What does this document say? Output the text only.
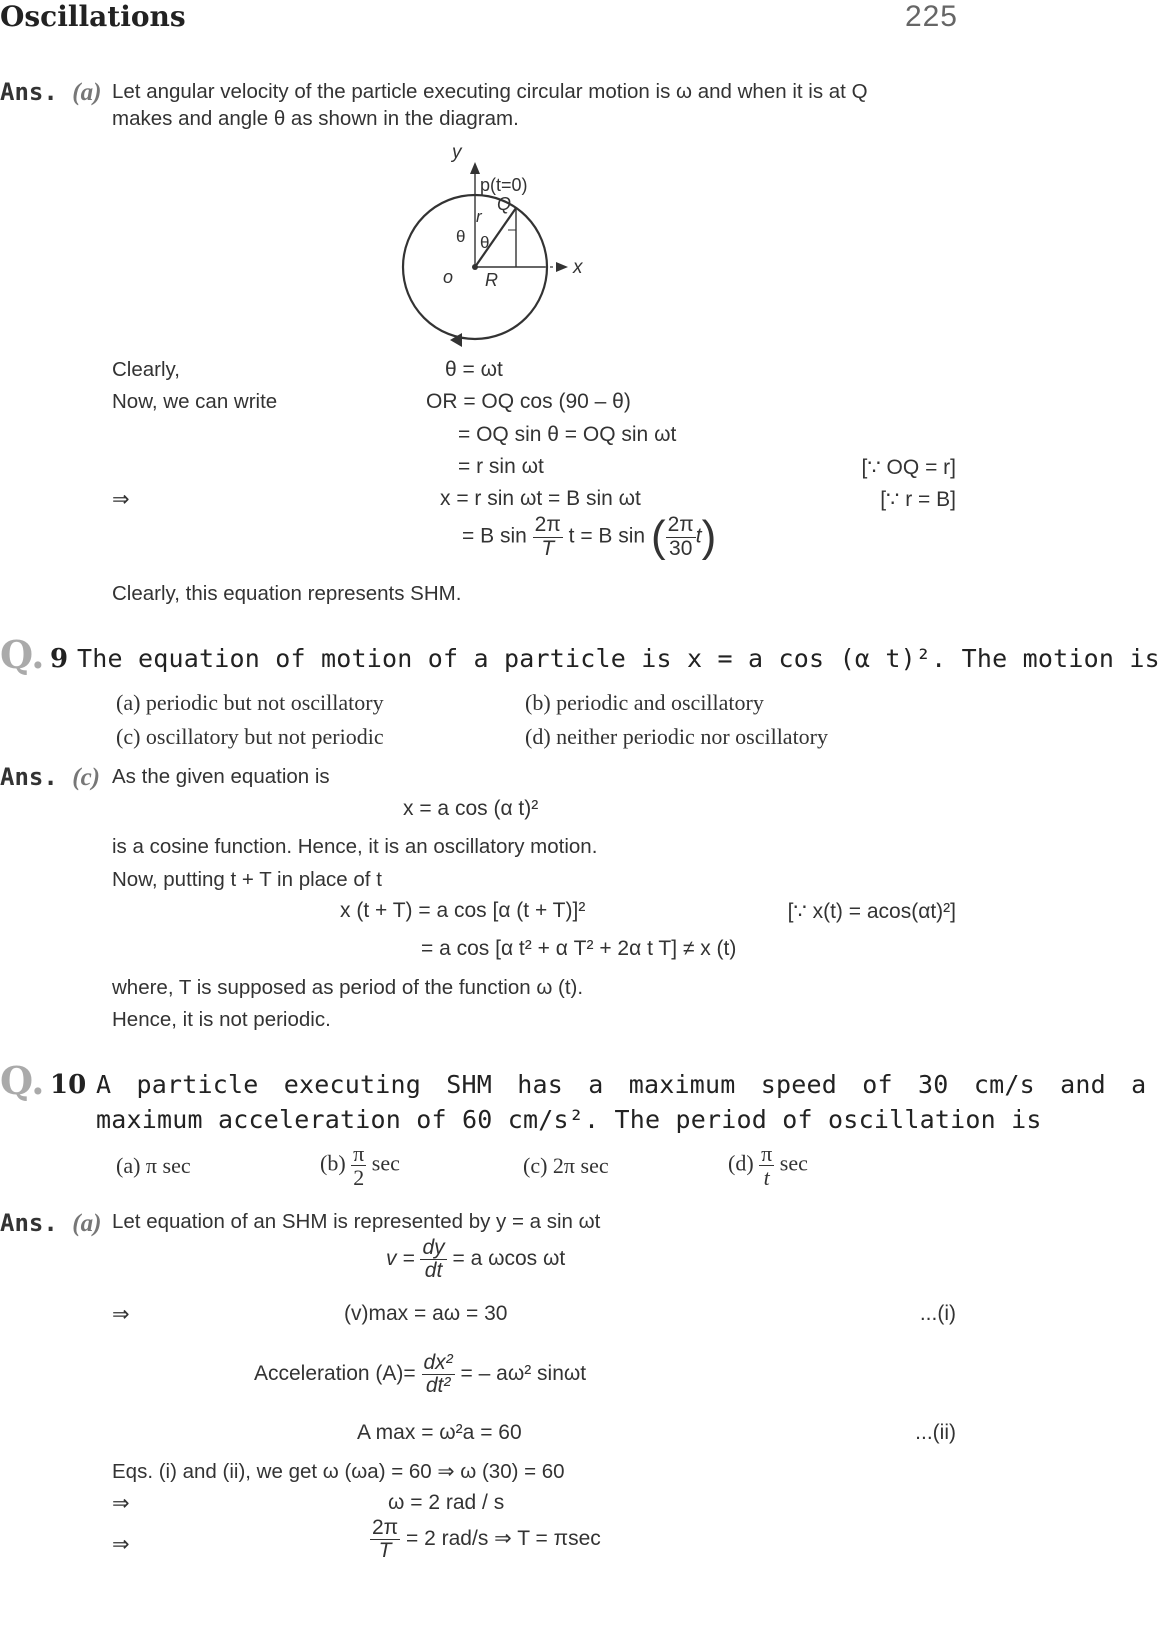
Oscillations	225
Ans. (a) Let angular velocity of the particle executing circular motion is ω and when it is at Q
makes and angle θ as shown in the diagram.
y
x
p(t=0)
Q
r
θ θ
o R
Clearly,	θ = ωt
Now, we can write	OR = OQ cos (90 – θ)
= OQ sin θ = OQ sin ωt
= r sin ωt	[∵ OQ = r]
⇒	x = r sin ωt = B sin ωt	[∵ r = B]
= B $\sin \frac{2\pi}{T}$ t = B sin ( $\frac{2\pi}{30} t$)
Clearly, this equation represents SHM.
Q. 9 The equation of motion of a particle is x = a cos (α t)². The motion is
(a) periodic but not oscillatory	(b) periodic and oscillatory
(c) oscillatory but not periodic	(d) neither periodic nor oscillatory
Ans. (c) As the given equation is
x = a cos (α t)²
is a cosine function. Hence, it is an oscillatory motion.
Now, putting t + T in place of t
x (t + T) = a cos [α (t + T)]²	[∵ x(t) = acos(αt)²]
= a cos [α t² + α T² + 2α t T] ≠ x (t)
where, T is supposed as period of the function ω (t).
Hence, it is not periodic.
Q. 10 A particle executing SHM has a maximum speed of 30 cm/s and a
maximum acceleration of 60 cm/s². The period of oscillation is
(a) π sec	$(b) \frac{\pi}{2}$ sec	(c) 2π sec	$(d) \frac{\pi}{t}$ sec
Ans. (a) Let equation of an SHM is represented by y = a sin ωt
$v = \frac{dy}{dt} = a$ ωcos ωt
⇒	(v)max = aω = 30	...(i)
Acceleration $(A)= \frac{\text{dx²}}{\text{dt²}}$ = – aω² sinωt
A max = ω²a = 60	...(ii)
Eqs. (i) and (ii), we get ω (ωa) = 60 ⇒ ω (30) = 60
⇒	ω = 2 rad / s
⇒	$\frac{2\pi}{T} = 2$ rad/s ⇒ T = πsec
